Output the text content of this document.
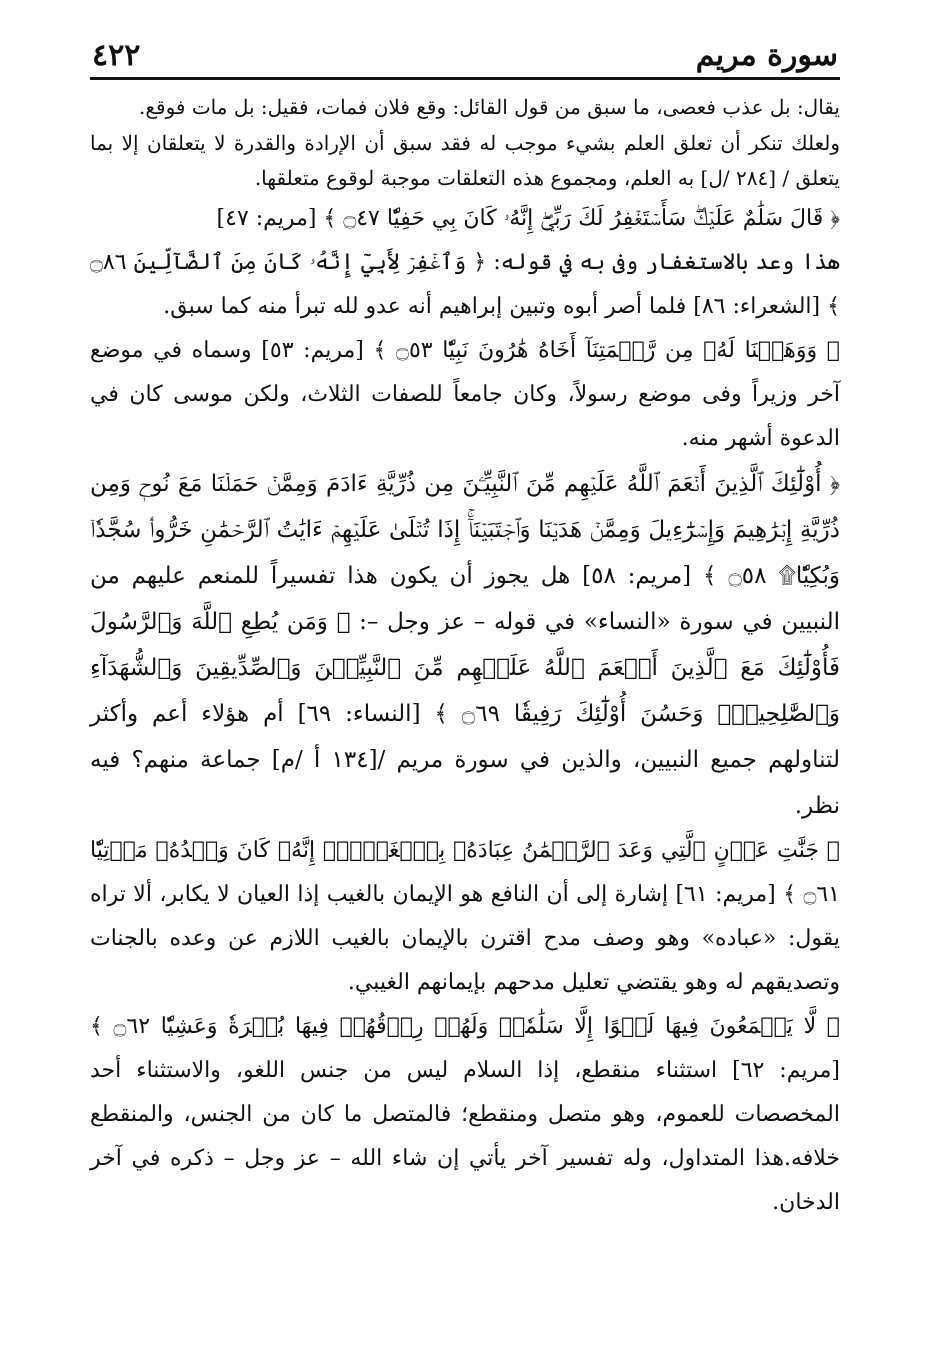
سورة مريم
٤٢٢

يقال: بل عذب فعصى، ما سبق من قول القائل: وقع فلان فمات، فقيل: بل مات فوقع.

ولعلك تنكر أن تعلق العلم بشيء موجب له فقد سبق أن الإرادة والقدرة لا يتعلقان إلا بما يتعلق / [٢٨٤ /ل] به العلم، ومجموع هذه التعلقات موجبة لوقوع متعلقها.

﴿ قَالَ سَلَٰمٌ عَلَيۡكَۖ سَأَسۡتَغۡفِرُ لَكَ رَبِّيٓۖ إِنَّهُۥ كَانَ بِي حَفِيّٗا ۝٤٧ ﴾ [مريم: ٤٧]

هذا وعد بالاستغفار وفى به في قوله: ﴿ وَٱغۡفِرۡ لِأَبِيٓ إِنَّهُۥ كَانَ مِنَ ٱلضَّآلِّينَ ۝٨٦ ﴾ [الشعراء: ٨٦] فلما أصر أبوه وتبين إبراهيم أنه عدو لله تبرأ منه كما سبق.

﴿ وَوَهَبۡنَا لَهُۥ مِن رَّحۡمَتِنَآ أَخَاهُ هَٰرُونَ نَبِيّٗا ۝٥٣ ﴾ [مريم: ٥٣] وسماه في موضع آخر وزيراً وفى موضع رسولاً، وكان جامعاً للصفات الثلاث، ولكن موسى كان في الدعوة أشهر منه.

﴿ أُوْلَٰٓئِكَ ٱلَّذِينَ أَنۡعَمَ ٱللَّهُ عَلَيۡهِم مِّنَ ٱلنَّبِيِّـۧنَ مِن ذُرِّيَّةِ ءَادَمَ وَمِمَّنۡ حَمَلۡنَا مَعَ نُوحٖ وَمِن ذُرِّيَّةِ إِبۡرَٰهِيمَ وَإِسۡرَٰٓءِيلَ وَمِمَّنۡ هَدَيۡنَا وَٱجۡتَبَيۡنَآۚ إِذَا تُتۡلَىٰ عَلَيۡهِمۡ ءَايَٰتُ ٱلرَّحۡمَٰنِ خَرُّواْۤ سُجَّدٗاۤ وَبُكِيّٗا۩ ۝٥٨ ﴾ [مريم: ٥٨] هل يجوز أن يكون هذا تفسيراً للمنعم عليهم من النبيين في سورة «النساء» في قوله – عز وجل –: ﴿ وَمَن يُطِعِ ٱللَّهَ وَٱلرَّسُولَ فَأُوْلَٰٓئِكَ مَعَ ٱلَّذِينَ أَنۡعَمَ ٱللَّهُ عَلَيۡهِم مِّنَ ٱلنَّبِيِّـۧنَ وَٱلصِّدِّيقِينَ وَٱلشُّهَدَآءِ وَٱلصَّٰلِحِينَۚ وَحَسُنَ أُوْلَٰٓئِكَ رَفِيقٗا ۝٦٩ ﴾ [النساء: ٦٩] أم هؤلاء أعم وأكثر لتناولهم جميع النبيين، والذين في سورة مريم /[١٣٤ أ /م] جماعة منهم؟ فيه نظر.

﴿ جَنَّٰتِ عَدۡنٍ ٱلَّتِي وَعَدَ ٱلرَّحۡمَٰنُ عِبَادَهُۥ بِٱلۡغَيۡبِۚ إِنَّهُۥ كَانَ وَعۡدُهُۥ مَأۡتِيّٗا ۝٦١ ﴾ [مريم: ٦١] إشارة إلى أن النافع هو الإيمان بالغيب إذا العيان لا يكابر، ألا تراه يقول: «عباده» وهو وصف مدح اقترن بالإيمان بالغيب اللازم عن وعده بالجنات وتصديقهم له وهو يقتضي تعليل مدحهم بإيمانهم الغيبي.

﴿ لَّا يَسۡمَعُونَ فِيهَا لَغۡوًا إِلَّا سَلَٰمٗاۖ وَلَهُمۡ رِزۡقُهُمۡ فِيهَا بُكۡرَةٗ وَعَشِيّٗا ۝٦٢ ﴾ [مريم: ٦٢] استثناء منقطع، إذا السلام ليس من جنس اللغو، والاستثناء أحد المخصصات للعموم، وهو متصل ومنقطع؛ فالمتصل ما كان من الجنس، والمنقطع خلافه.هذا المتداول، وله تفسير آخر يأتي إن شاء الله – عز وجل – ذكره في آخر الدخان.
